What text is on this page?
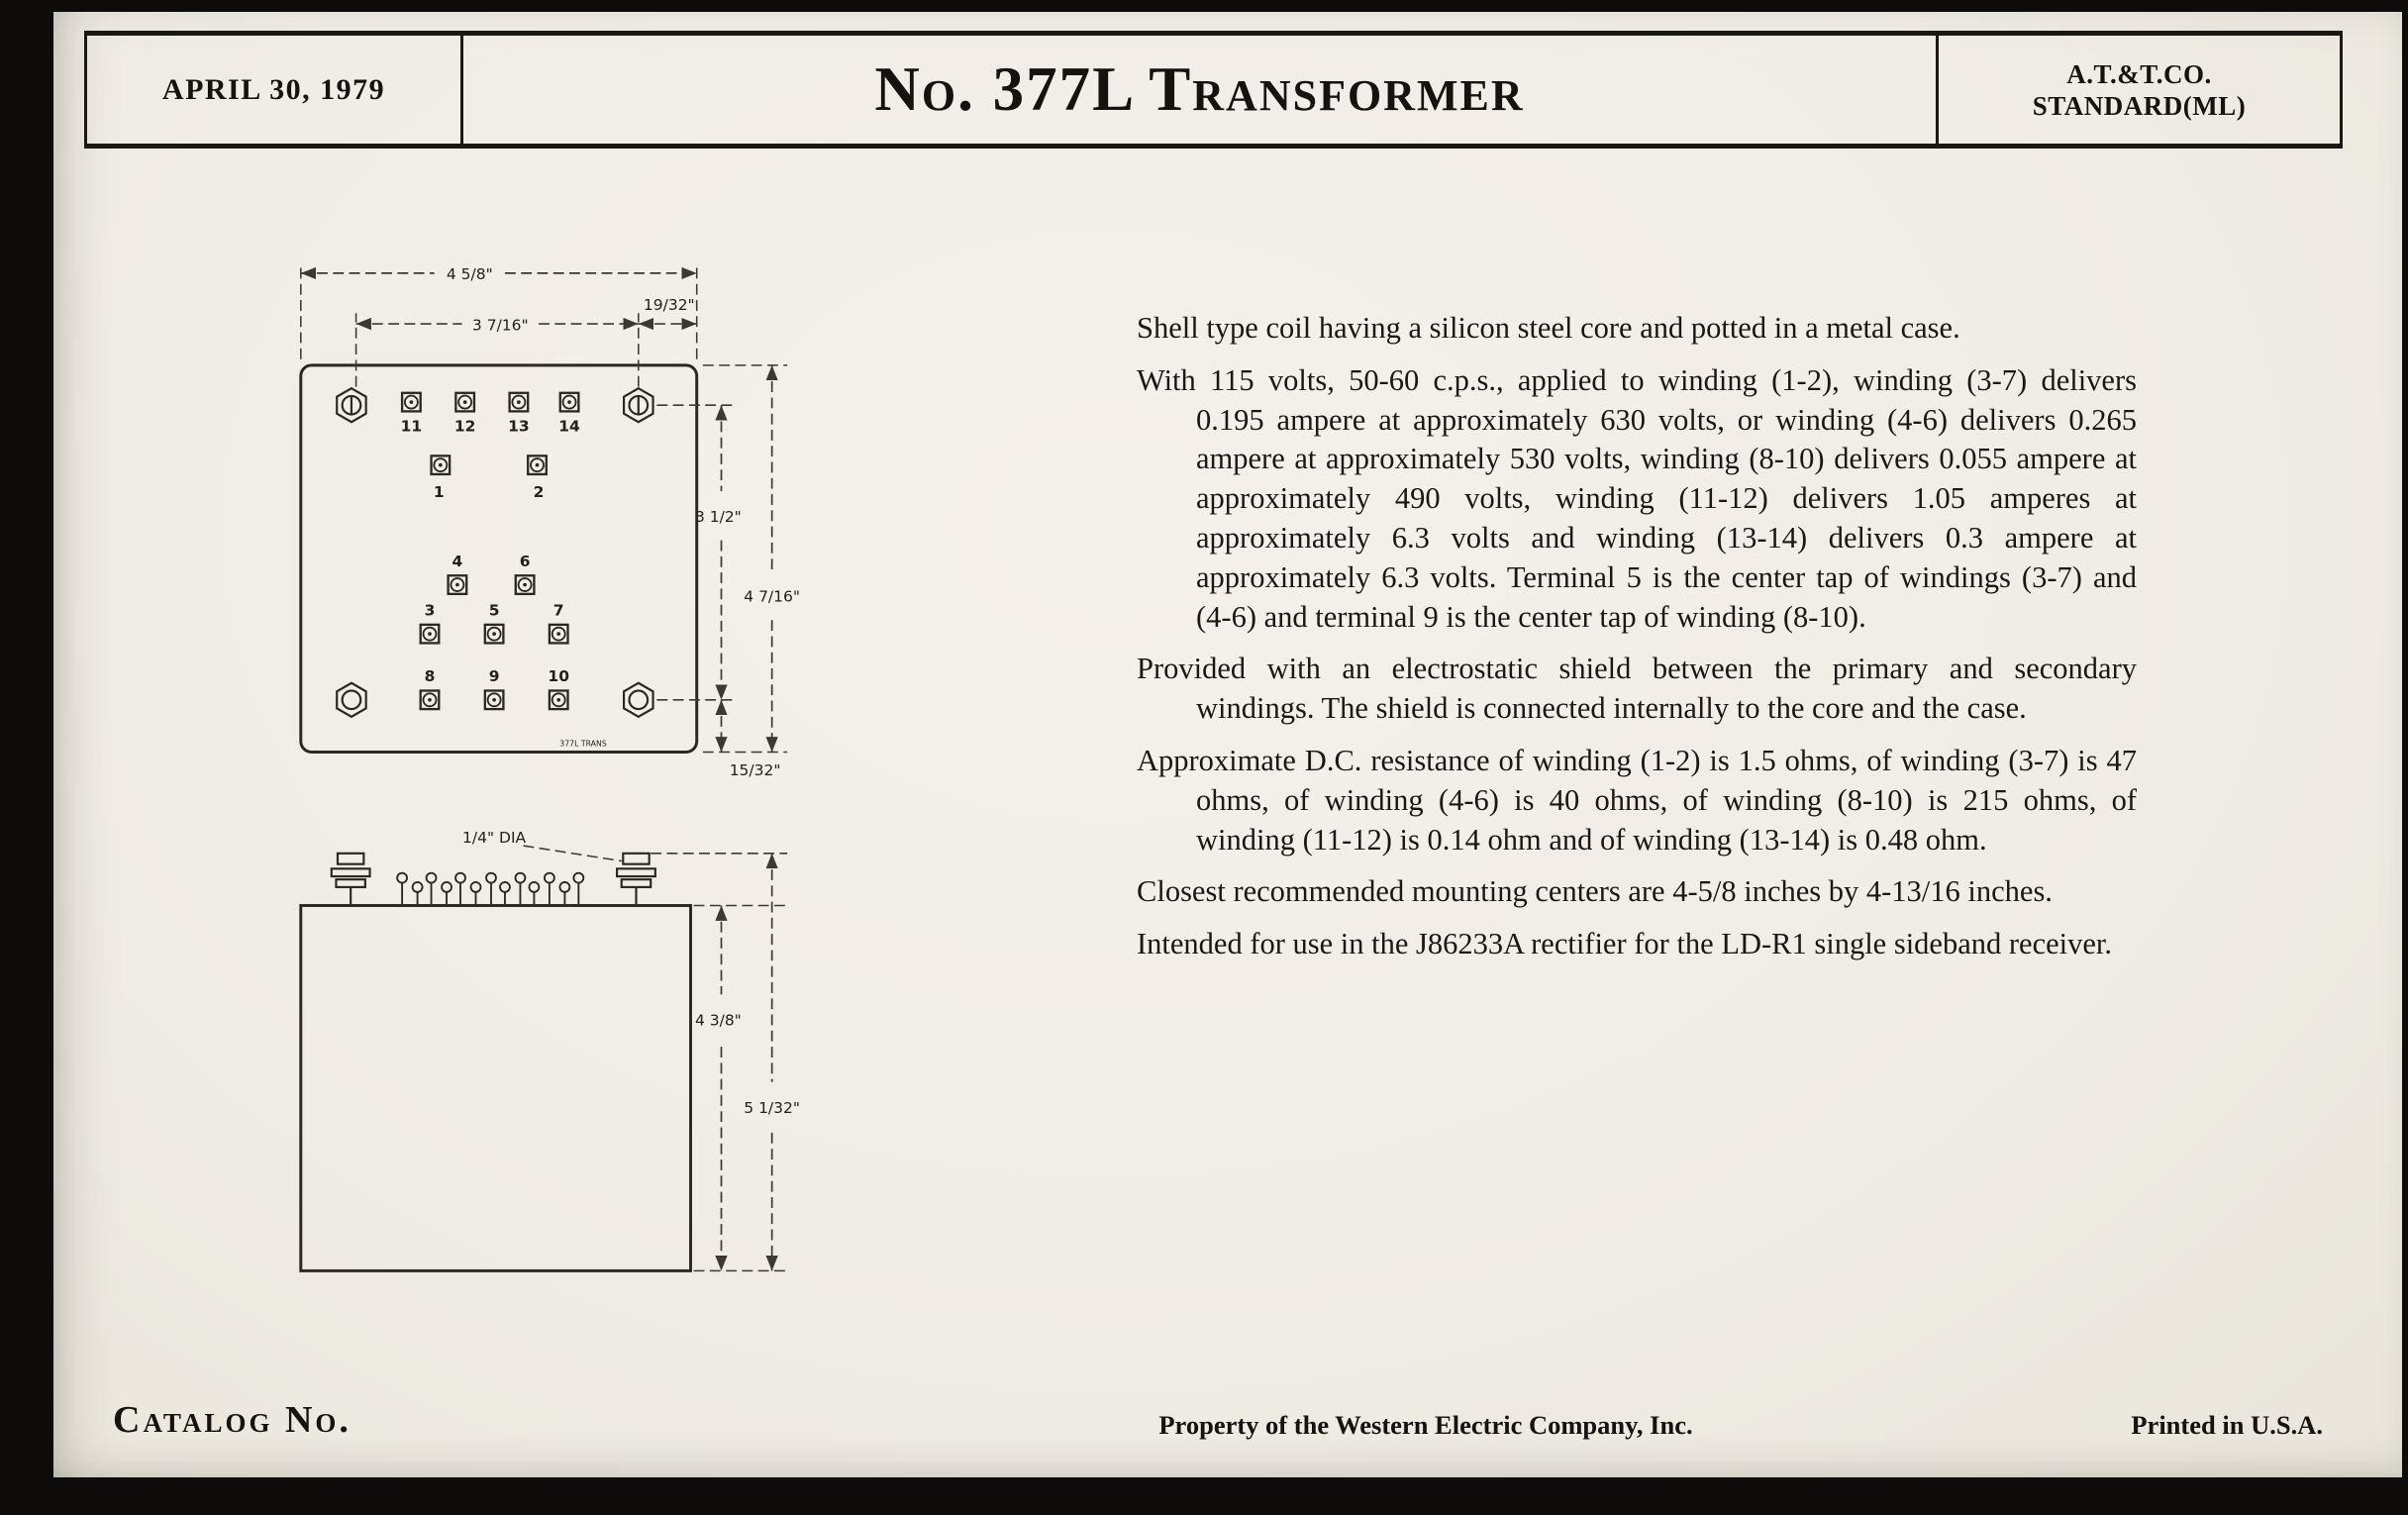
APRIL 30, 1979	No. 377L Transformer	A.T.&T.CO.
STANDARD(ML)
11	12	13	14
1	2
4	6
3	5	7
8	9	10
377L TRANS
4 5/8"
3 7/16"
19/32"
3 1/2"
4 7/16"
15/32"
1/4" DIA
4 3/8"
5 1/32"

Shell type coil having a silicon steel core and potted in a metal case.

With 115 volts, 50-60 c.p.s., applied to winding (1-2), winding (3-7) delivers 0.195 ampere at approximately 630 volts, or winding (4-6) delivers 0.265 ampere at approximately 530 volts, winding (8-10) delivers 0.055 ampere at approximately 490 volts, winding (11-12) delivers 1.05 amperes at approximately 6.3 volts and winding (13-14) delivers 0.3 ampere at approximately 6.3 volts. Terminal 5 is the center tap of windings (3-7) and (4-6) and terminal 9 is the center tap of winding (8-10).

Provided with an electrostatic shield between the primary and secondary windings. The shield is connected internally to the core and the case.

Approximate D.C. resistance of winding (1-2) is 1.5 ohms, of winding (3-7) is 47 ohms, of winding (4-6) is 40 ohms, of winding (8-10) is 215 ohms, of winding (11-12) is 0.14 ohm and of winding (13-14) is 0.48 ohm.

Closest recommended mounting centers are 4-5/8 inches by 4-13/16 inches.

Intended for use in the J86233A rectifier for the LD-R1 single sideband receiver.

Catalog No.	Property of the Western Electric Company, Inc.	Printed in U.S.A.
